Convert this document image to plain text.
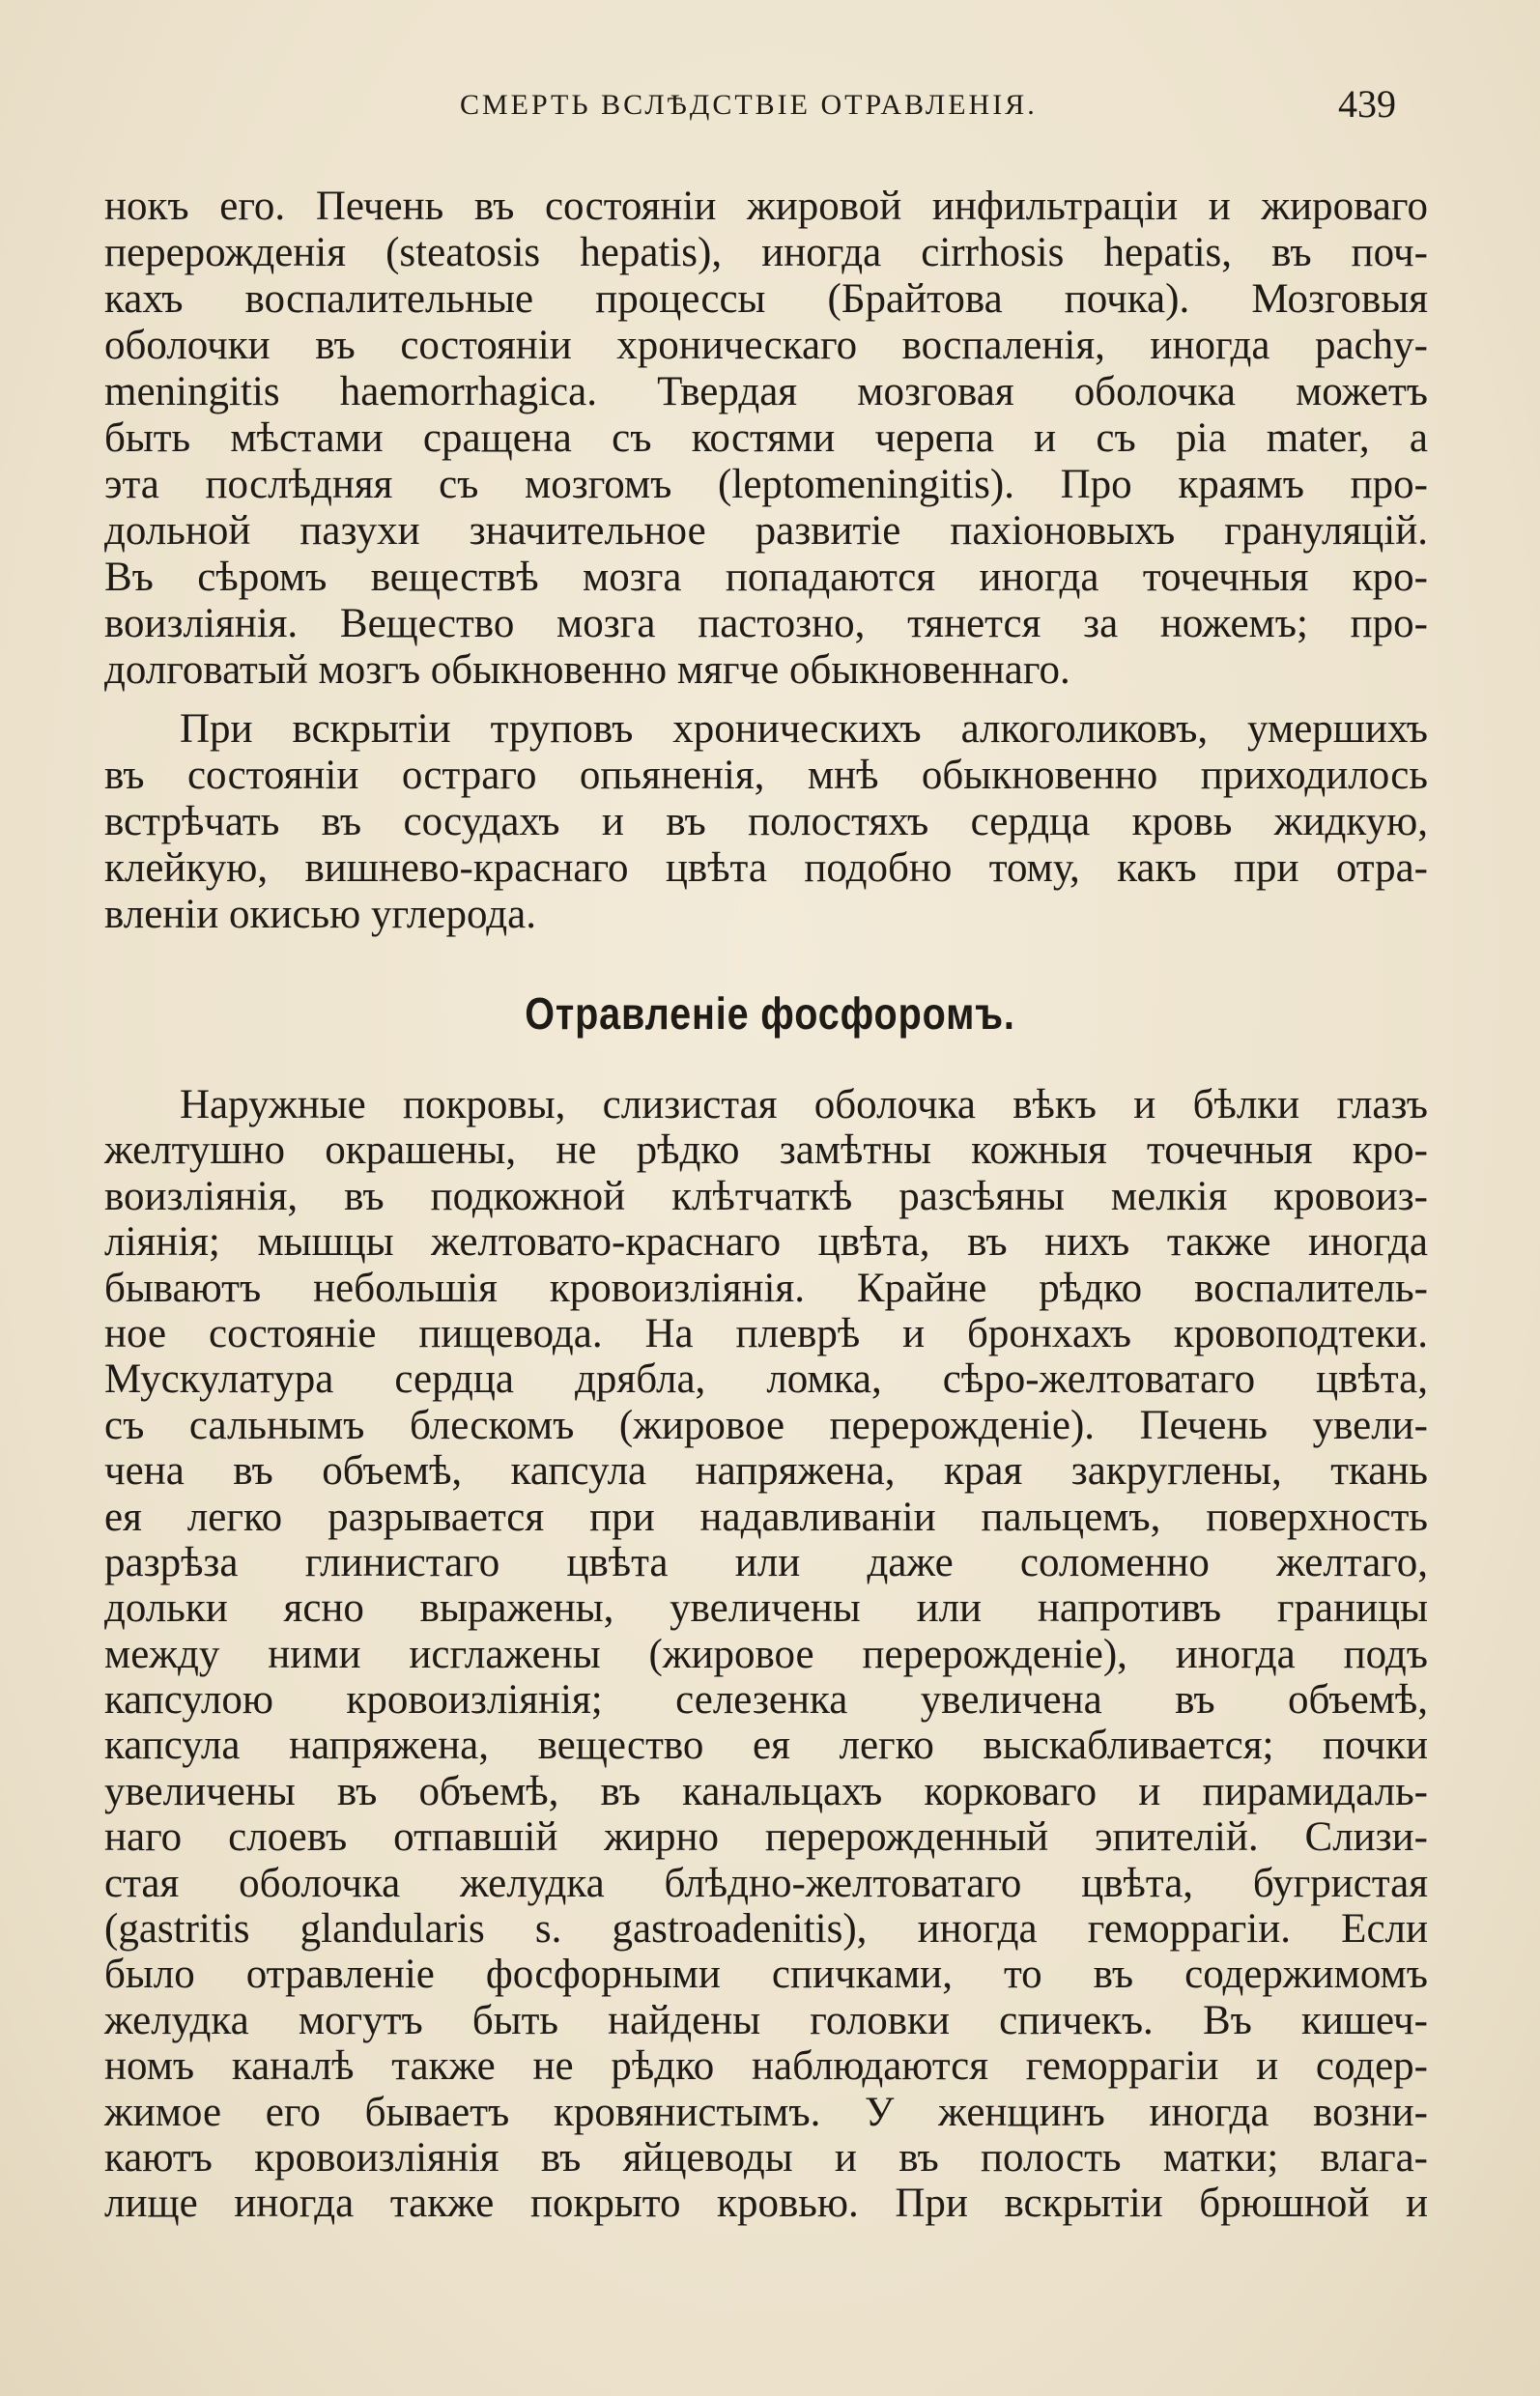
СМЕРТЬ ВСЛѢДСТВІЕ ОТРАВЛЕНІЯ.	439
нокъ его. Печень въ состояніи жировой инфильтраціи и жироваго
перерожденія (steatosis hepatis), иногда cirrhosis hepatis, въ поч-
кахъ воспалительные процессы (Брайтова почка). Мозговыя
оболочки въ состояніи хроническаго воспаленія, иногда pachy-
meningitis haemorrhagica. Твердая мозговая оболочка можетъ
быть мѣстами сращена съ костями черепа и съ pia mater, а
эта послѣдняя съ мозгомъ (leptomeningitis). Про краямъ про-
дольной пазухи значительное развитіе пахіоновыхъ грануляцій.
Въ сѣромъ веществѣ мозга попадаются иногда точечныя кро-
воизліянія. Вещество мозга пастозно, тянется за ножемъ; про-
долговатый мозгъ обыкновенно мягче обыкновеннаго.
При вскрытіи труповъ хроническихъ алкоголиковъ, умершихъ
въ состояніи остраго опьяненія, мнѣ обыкновенно приходилось
встрѣчать въ сосудахъ и въ полостяхъ сердца кровь жидкую,
клейкую, вишнево-краснаго цвѣта подобно тому, какъ при отра-
вленіи окисью углерода.
Отравленіе фосфоромъ.
Наружные покровы, слизистая оболочка вѣкъ и бѣлки глазъ
желтушно окрашены, не рѣдко замѣтны кожныя точечныя кро-
воизліянія, въ подкожной клѣтчаткѣ разсѣяны мелкія кровоиз-
ліянія; мышцы желтовато-краснаго цвѣта, въ нихъ также иногда
бываютъ небольшія кровоизліянія. Крайне рѣдко воспалитель-
ное состояніе пищевода. На плеврѣ и бронхахъ кровоподтеки.
Мускулатура сердца дрябла, ломка, сѣро-желтоватаго цвѣта,
съ сальнымъ блескомъ (жировое перерожденіе). Печень увели-
чена въ объемѣ, капсула напряжена, края закруглены, ткань
ея легко разрывается при надавливаніи пальцемъ, поверхность
разрѣза глинистаго цвѣта или даже соломенно желтаго,
дольки ясно выражены, увеличены или напротивъ границы
между ними исглажены (жировое перерожденіе), иногда подъ
капсулою кровоизліянія; селезенка увеличена въ объемѣ,
капсула напряжена, вещество ея легко выскабливается; почки
увеличены въ объемѣ, въ канальцахъ корковаго и пирамидаль-
наго слоевъ отпавшій жирно перерожденный эпителій. Слизи-
стая оболочка желудка блѣдно-желтоватаго цвѣта, бугристая
(gastritis glandularis s. gastroadenitis), иногда геморрагіи. Если
было отравленіе фосфорными спичками, то въ содержимомъ
желудка могутъ быть найдены головки спичекъ. Въ кишеч-
номъ каналѣ также не рѣдко наблюдаются геморрагіи и содер-
жимое его бываетъ кровянистымъ. У женщинъ иногда возни-
каютъ кровоизліянія въ яйцеводы и въ полость матки; влага-
лище иногда также покрыто кровью. При вскрытіи брюшной и
